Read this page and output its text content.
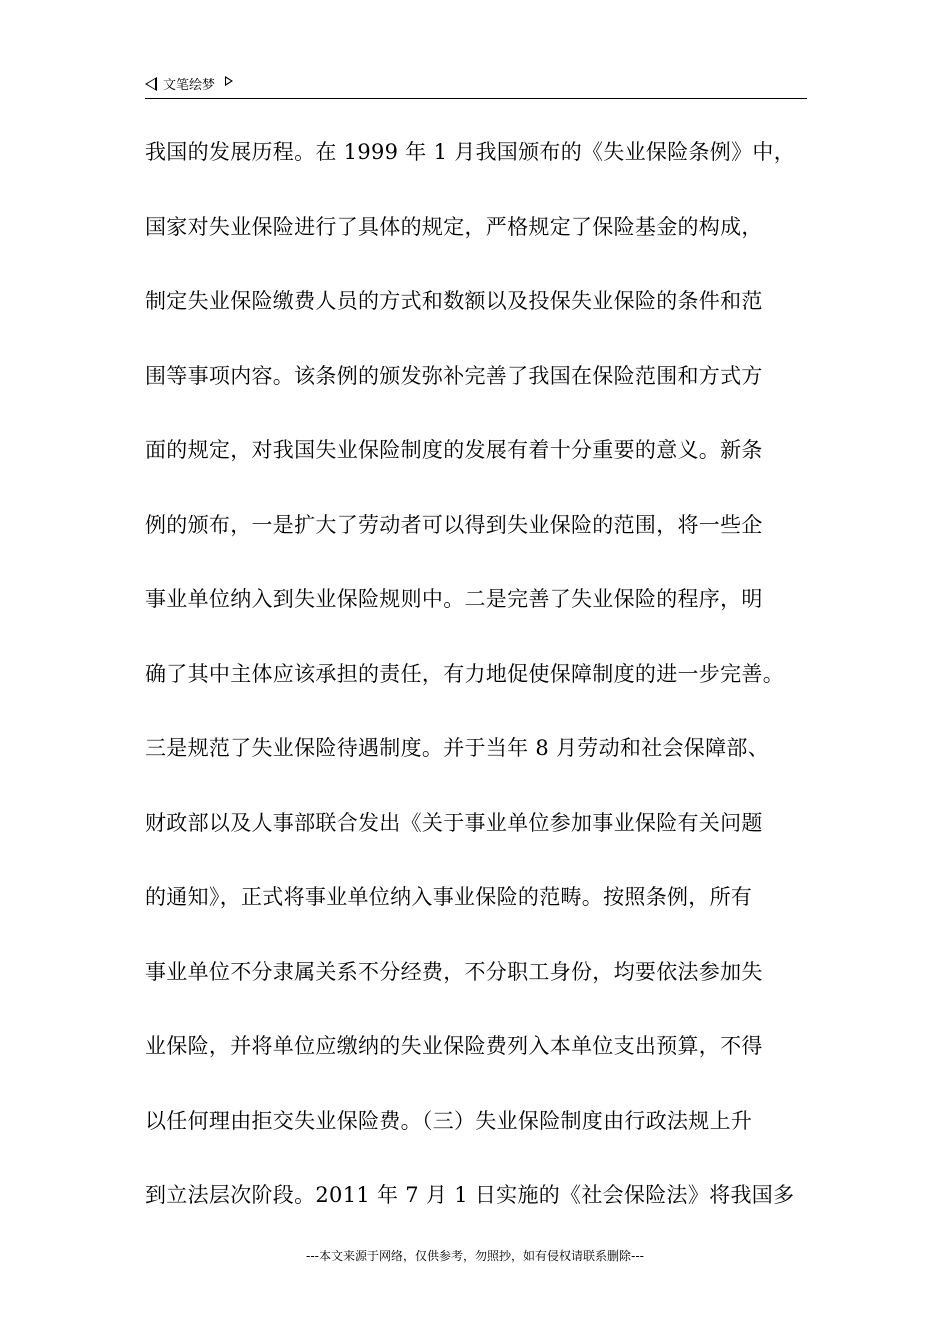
文笔绘梦
我国的发展历程。在 1999 年 1 月我国颁布的《失业保险条例》中，
国家对失业保险进行了具体的规定，严格规定了保险基金的构成，
制定失业保险缴费人员的方式和数额以及投保失业保险的条件和范
围等事项内容。该条例的颁发弥补完善了我国在保险范围和方式方
面的规定，对我国失业保险制度的发展有着十分重要的意义。新条
例的颁布，一是扩大了劳动者可以得到失业保险的范围，将一些企
事业单位纳入到失业保险规则中。二是完善了失业保险的程序，明
确了其中主体应该承担的责任，有力地促使保障制度的进一步完善。
三是规范了失业保险待遇制度。并于当年 8 月劳动和社会保障部、
财政部以及人事部联合发出《关于事业单位参加事业保险有关问题
的通知》，正式将事业单位纳入事业保险的范畴。按照条例，所有
事业单位不分隶属关系不分经费，不分职工身份，均要依法参加失
业保险，并将单位应缴纳的失业保险费列入本单位支出预算，不得
以任何理由拒交失业保险费。（三）失业保险制度由行政法规上升
到立法层次阶段。2011 年 7 月 1 日实施的《社会保险法》将我国多
---本文来源于网络，仅供参考，勿照抄，如有侵权请联系删除---
